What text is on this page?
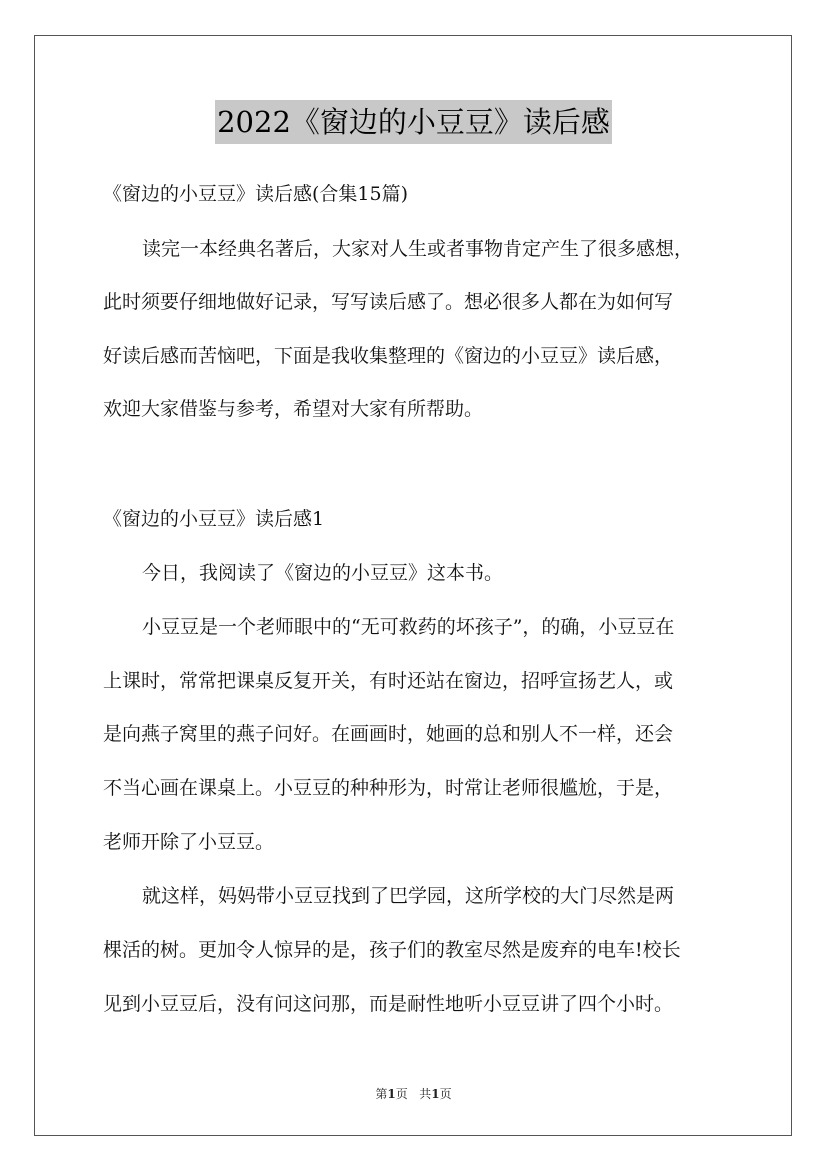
2022《窗边的小豆豆》读后感
《窗边的小豆豆》读后感(合集15篇)
读完一本经典名著后，大家对人生或者事物肯定产生了很多感想，
此时须要仔细地做好记录，写写读后感了。想必很多人都在为如何写
好读后感而苦恼吧，下面是我收集整理的《窗边的小豆豆》读后感，
欢迎大家借鉴与参考，希望对大家有所帮助。
《窗边的小豆豆》读后感1
今日，我阅读了《窗边的小豆豆》这本书。
小豆豆是一个老师眼中的“无可救药的坏孩子”，的确，小豆豆在
上课时，常常把课桌反复开关，有时还站在窗边，招呼宣扬艺人，或
是向燕子窝里的燕子问好。在画画时，她画的总和别人不一样，还会
不当心画在课桌上。小豆豆的种种形为，时常让老师很尴尬，于是，
老师开除了小豆豆。
就这样，妈妈带小豆豆找到了巴学园，这所学校的大门尽然是两
棵活的树。更加令人惊异的是，孩子们的教室尽然是废弃的电车!校长
见到小豆豆后，没有问这问那，而是耐性地听小豆豆讲了四个小时。
第1页 共1页
